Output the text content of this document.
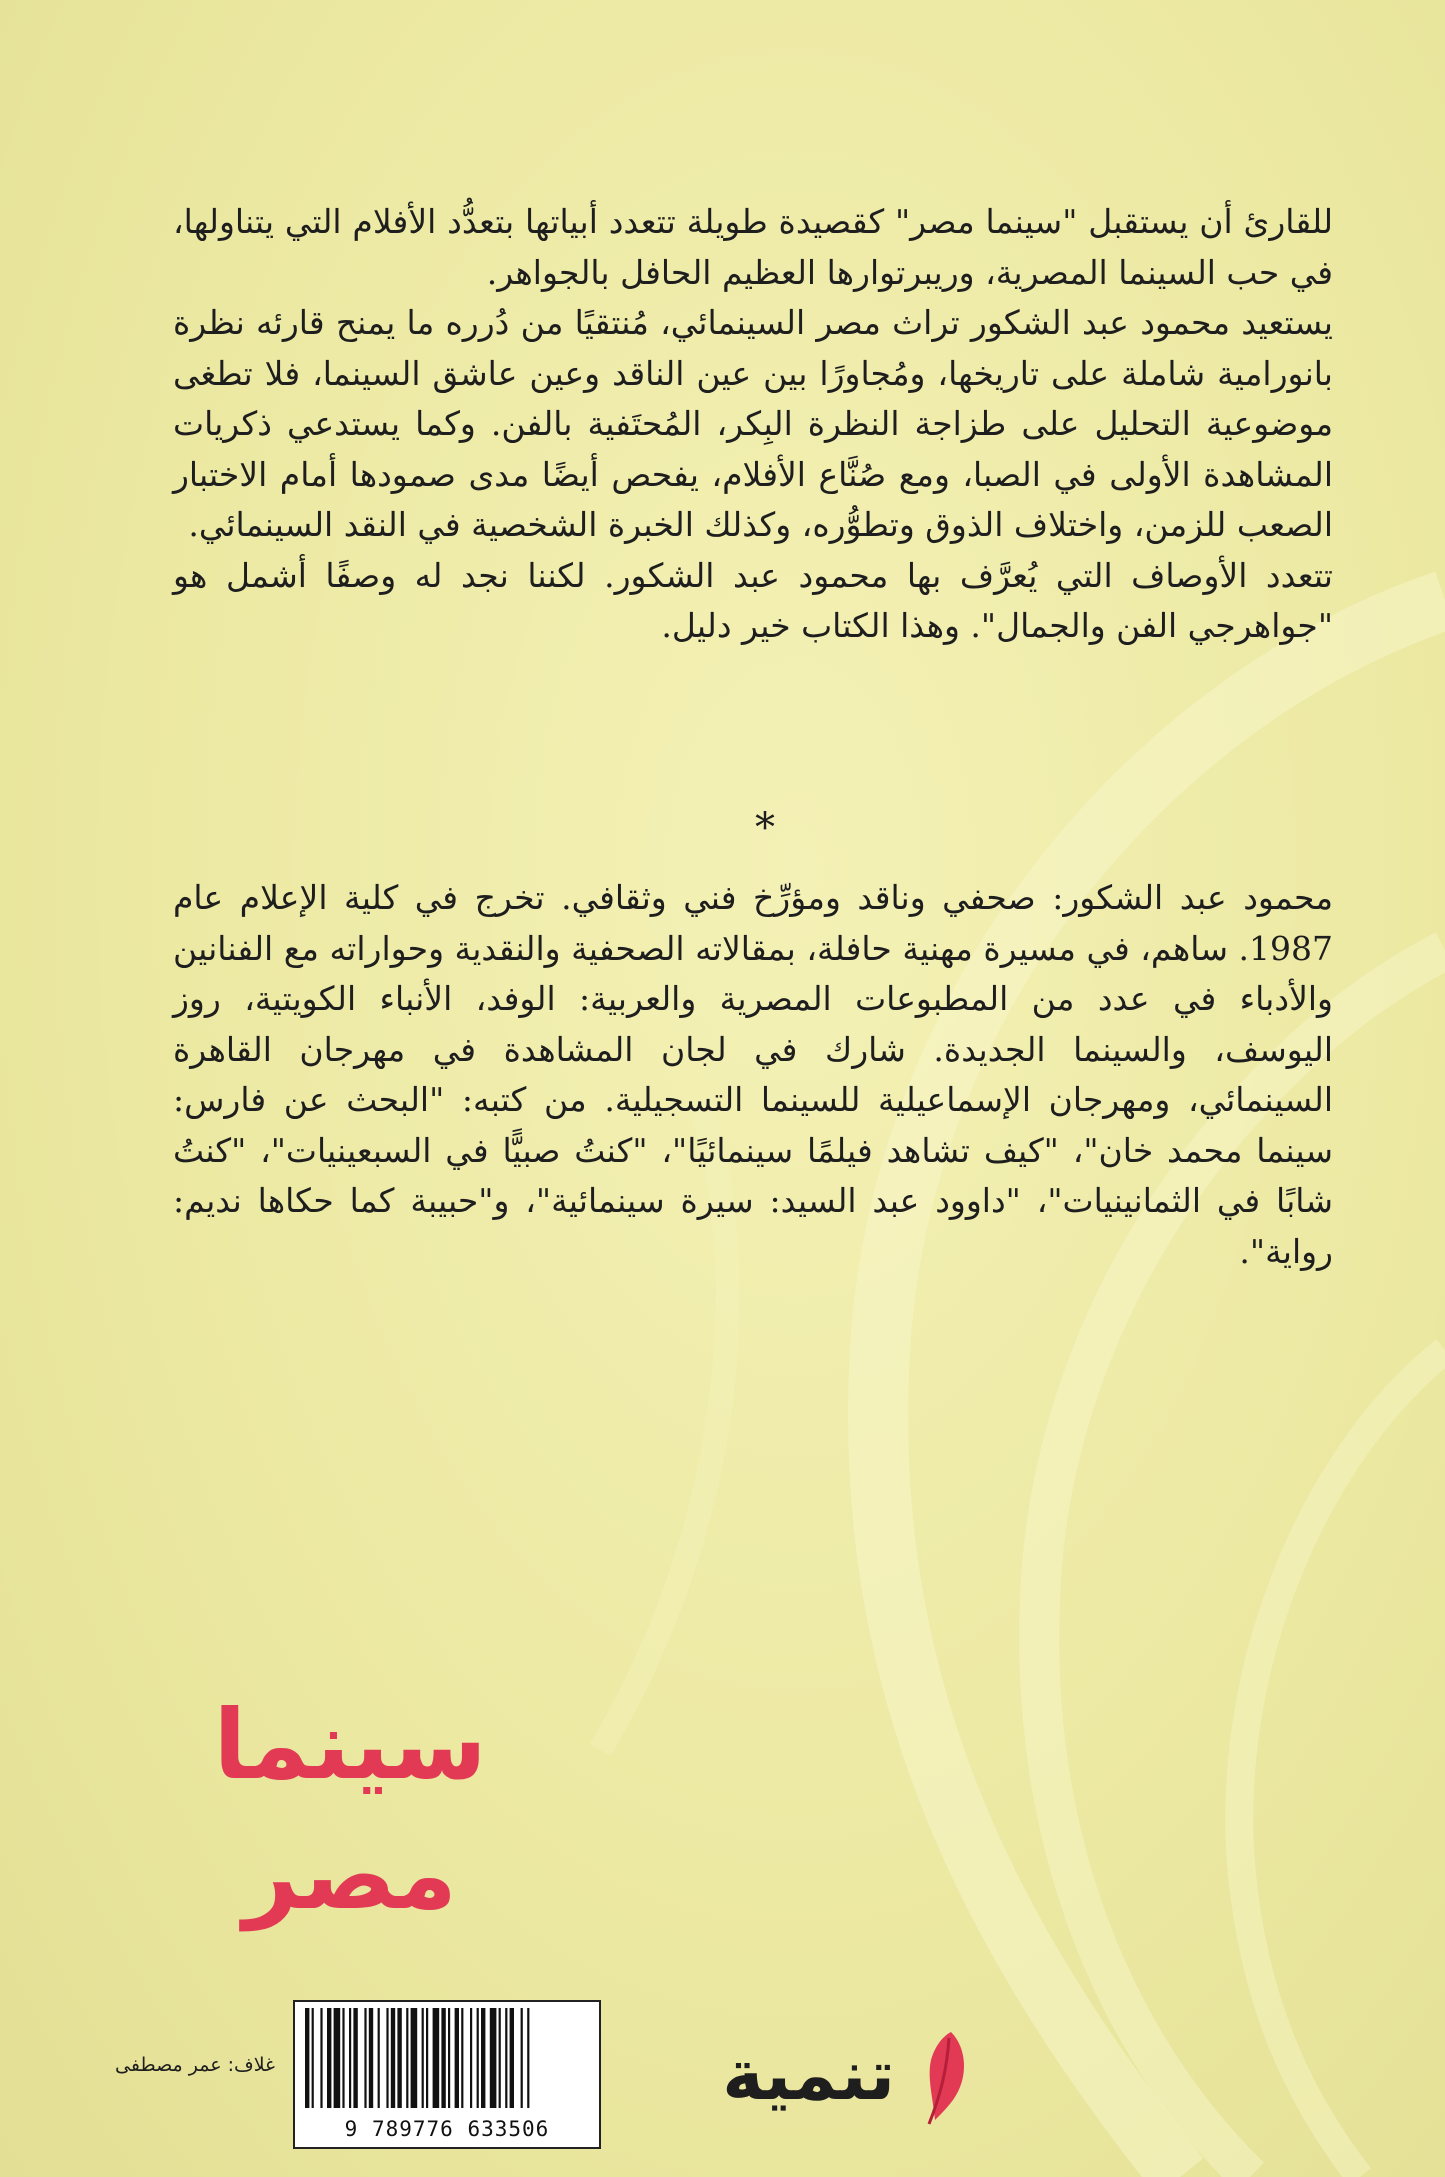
للقارئ أن يستقبل "سينما مصر" كقصيدة طويلة تتعدد أبياتها بتعدُّد الأفلام التي يتناولها، في حب السينما المصرية، وريبرتوارها العظيم الحافل بالجواهر.

يستعيد محمود عبد الشكور تراث مصر السينمائي، مُنتقيًا من دُرره ما يمنح قارئه نظرة بانورامية شاملة على تاريخها، ومُجاورًا بين عين الناقد وعين عاشق السينما، فلا تطغى موضوعية التحليل على طزاجة النظرة البِكر، المُحتَفية بالفن. وكما يستدعي ذكريات المشاهدة الأولى في الصبا، ومع صُنَّاع الأفلام، يفحص أيضًا مدى صمودها أمام الاختبار الصعب للزمن، واختلاف الذوق وتطوُّره، وكذلك الخبرة الشخصية في النقد السينمائي.

تتعدد الأوصاف التي يُعرَّف بها محمود عبد الشكور. لكننا نجد له وصفًا أشمل هو "جواهرجي الفن والجمال". وهذا الكتاب خير دليل.

*

محمود عبد الشكور: صحفي وناقد ومؤرِّخ فني وثقافي. تخرج في كلية الإعلام عام 1987. ساهم، في مسيرة مهنية حافلة، بمقالاته الصحفية والنقدية وحواراته مع الفنانين والأدباء في عدد من المطبوعات المصرية والعربية: الوفد، الأنباء الكويتية، روز اليوسف، والسينما الجديدة. شارك في لجان المشاهدة في مهرجان القاهرة السينمائي، ومهرجان الإسماعيلية للسينما التسجيلية. من كتبه: "البحث عن فارس: سينما محمد خان"، "كيف تشاهد فيلمًا سينمائيًا"، "كنتُ صبيًّا في السبعينيات"، "كنتُ شابًا في الثمانينيات"، "داوود عبد السيد: سيرة سينمائية"، و"حبيبة كما حكاها نديم: رواية".

سينما مصر
9 789776 633506
غلاف: عمر مصطفى	تنمية
